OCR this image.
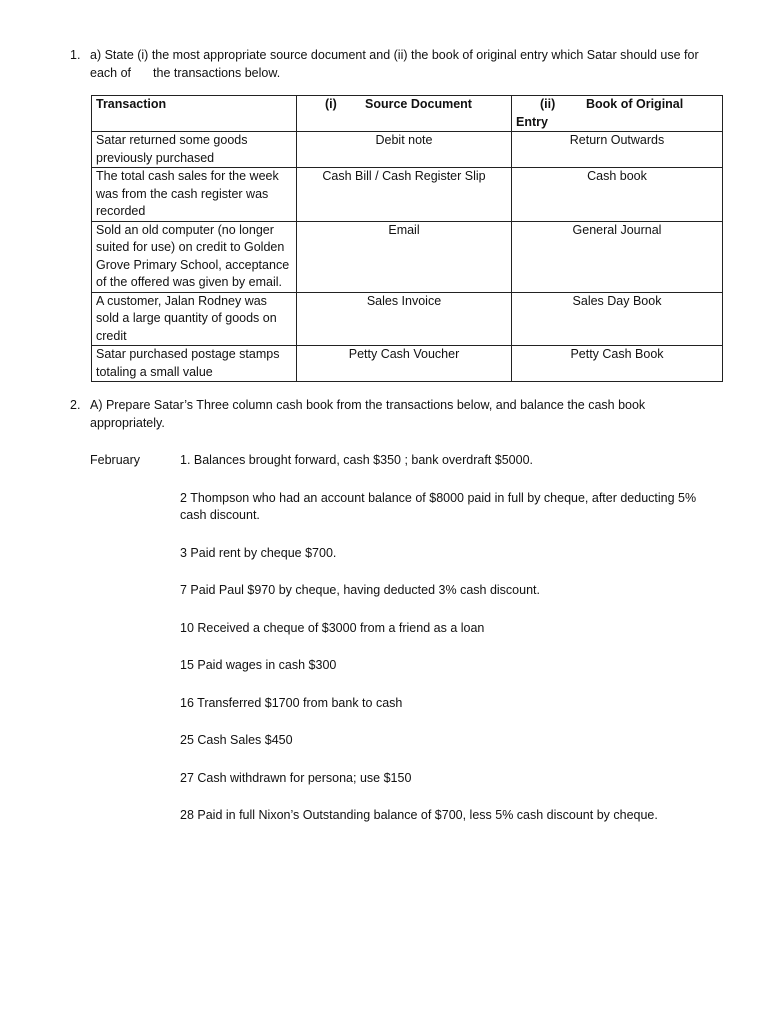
1. a) State (i) the most appropriate source document and (ii) the book of original entry which Satar should use for
each of the transactions below.
Transaction	(i) Source Document	(ii) Book of Original Entry
Satar returned some goods previously purchased	Debit note	Return Outwards
The total cash sales for the week was from the cash register was recorded	Cash Bill / Cash Register Slip	Cash book
Sold an old computer (no longer suited for use) on credit to Golden Grove Primary School, acceptance of the offered was given by email.	Email	General Journal
A customer, Jalan Rodney was sold a large quantity of goods on credit	Sales Invoice	Sales Day Book
Satar purchased postage stamps totaling a small value	Petty Cash Voucher	Petty Cash Book
2. A) Prepare Satar’s Three column cash book from the transactions below, and balance the cash book
appropriately.
February	1. Balances brought forward, cash $350 ; bank overdraft $5000.
2 Thompson who had an account balance of $8000 paid in full by cheque, after deducting 5% cash discount.
3 Paid rent by cheque $700.
7 Paid Paul $970 by cheque, having deducted 3% cash discount.
10 Received a cheque of $3000 from a friend as a loan
15 Paid wages in cash $300
16 Transferred $1700 from bank to cash
25 Cash Sales $450
27 Cash withdrawn for persona; use $150
28 Paid in full Nixon’s Outstanding balance of $700, less 5% cash discount by cheque.
